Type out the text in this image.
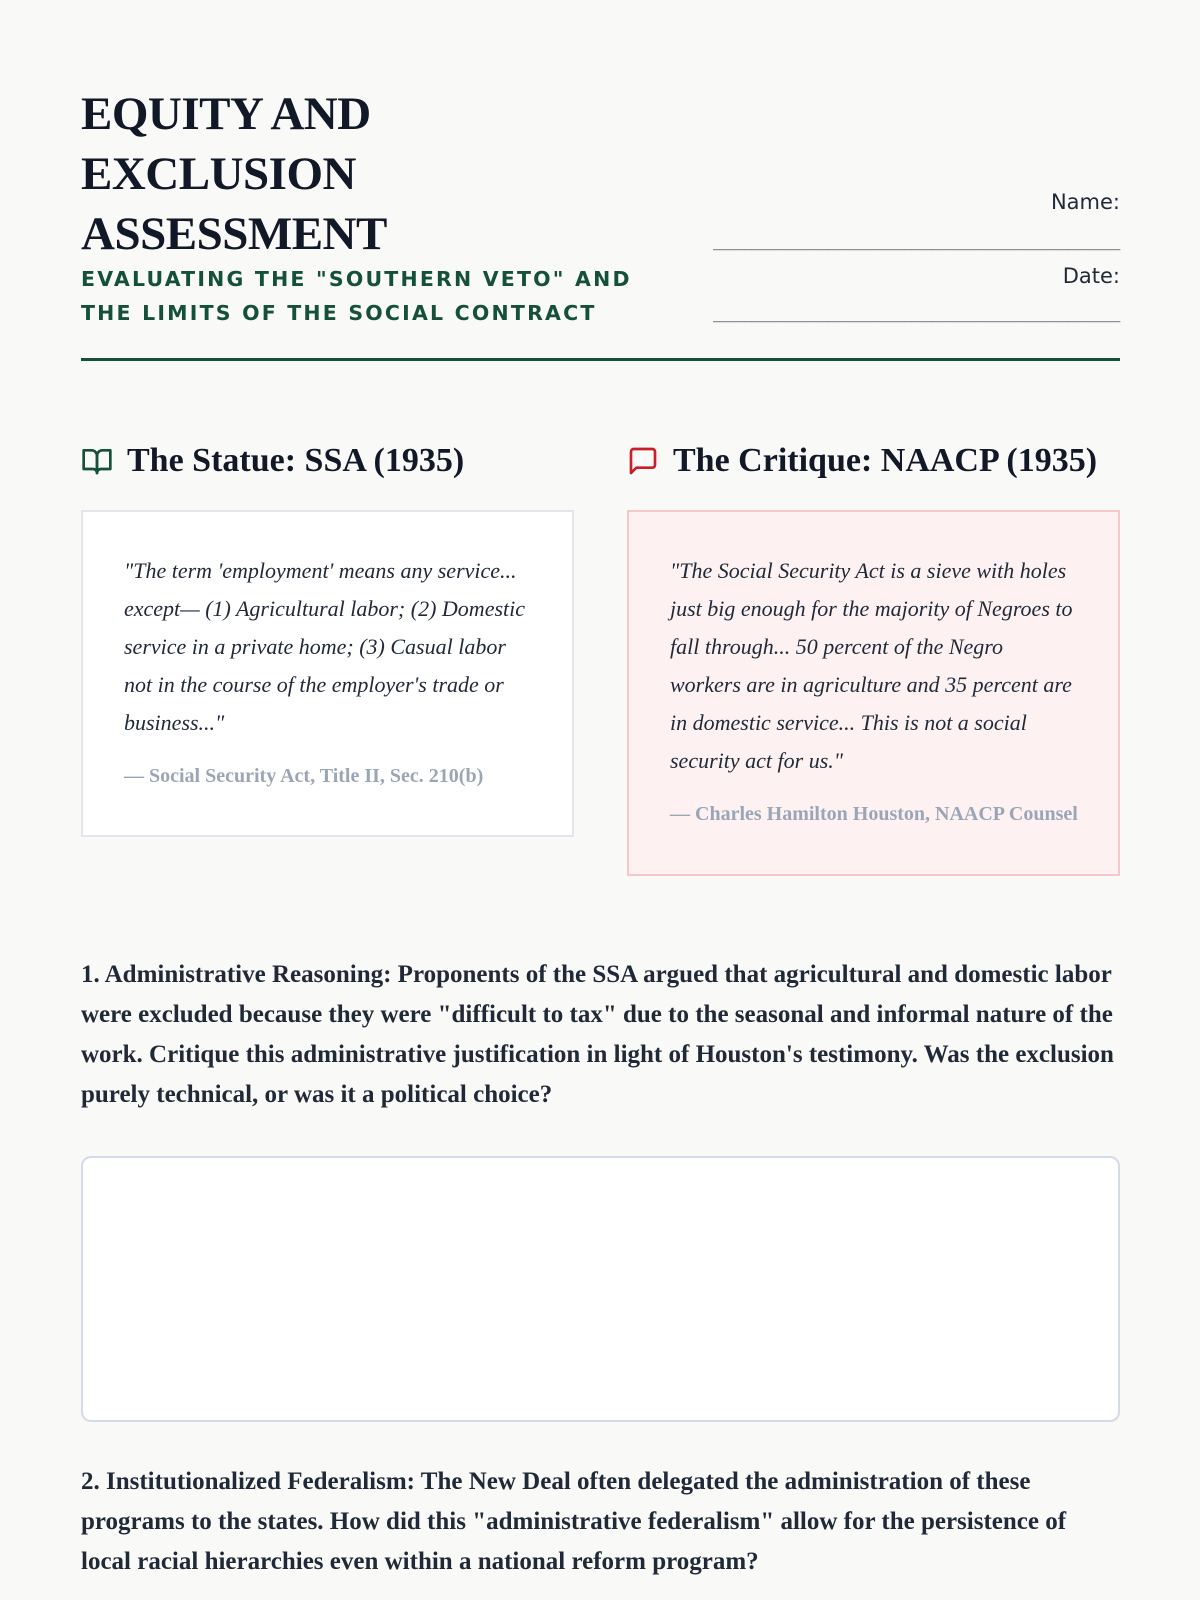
EQUITY AND EXCLUSION ASSESSMENT

EVALUATING THE "SOUTHERN VETO" AND THE LIMITS OF THE SOCIAL CONTRACT

Name:
_______________________________________
Date:
_______________________________________
The Statue: SSA (1935)

"The term 'employment' means any service... except— (1) Agricultural labor; (2) Domestic service in a private home; (3) Casual labor not in the course of the employer's trade or business..."

— Social Security Act, Title II, Sec. 210(b)

The Critique: NAACP (1935)

"The Social Security Act is a sieve with holes just big enough for the majority of Negroes to fall through... 50 percent of the Negro workers are in agriculture and 35 percent are in domestic service... This is not a social security act for us."

— Charles Hamilton Houston, NAACP Counsel

1. Administrative Reasoning: Proponents of the SSA argued that agricultural and domestic labor were excluded because they were "difficult to tax" due to the seasonal and informal nature of the work. Critique this administrative justification in light of Houston's testimony. Was the exclusion purely technical, or was it a political choice?

2. Institutionalized Federalism: The New Deal often delegated the administration of these programs to the states. How did this "administrative federalism" allow for the persistence of local racial hierarchies even within a national reform program?
